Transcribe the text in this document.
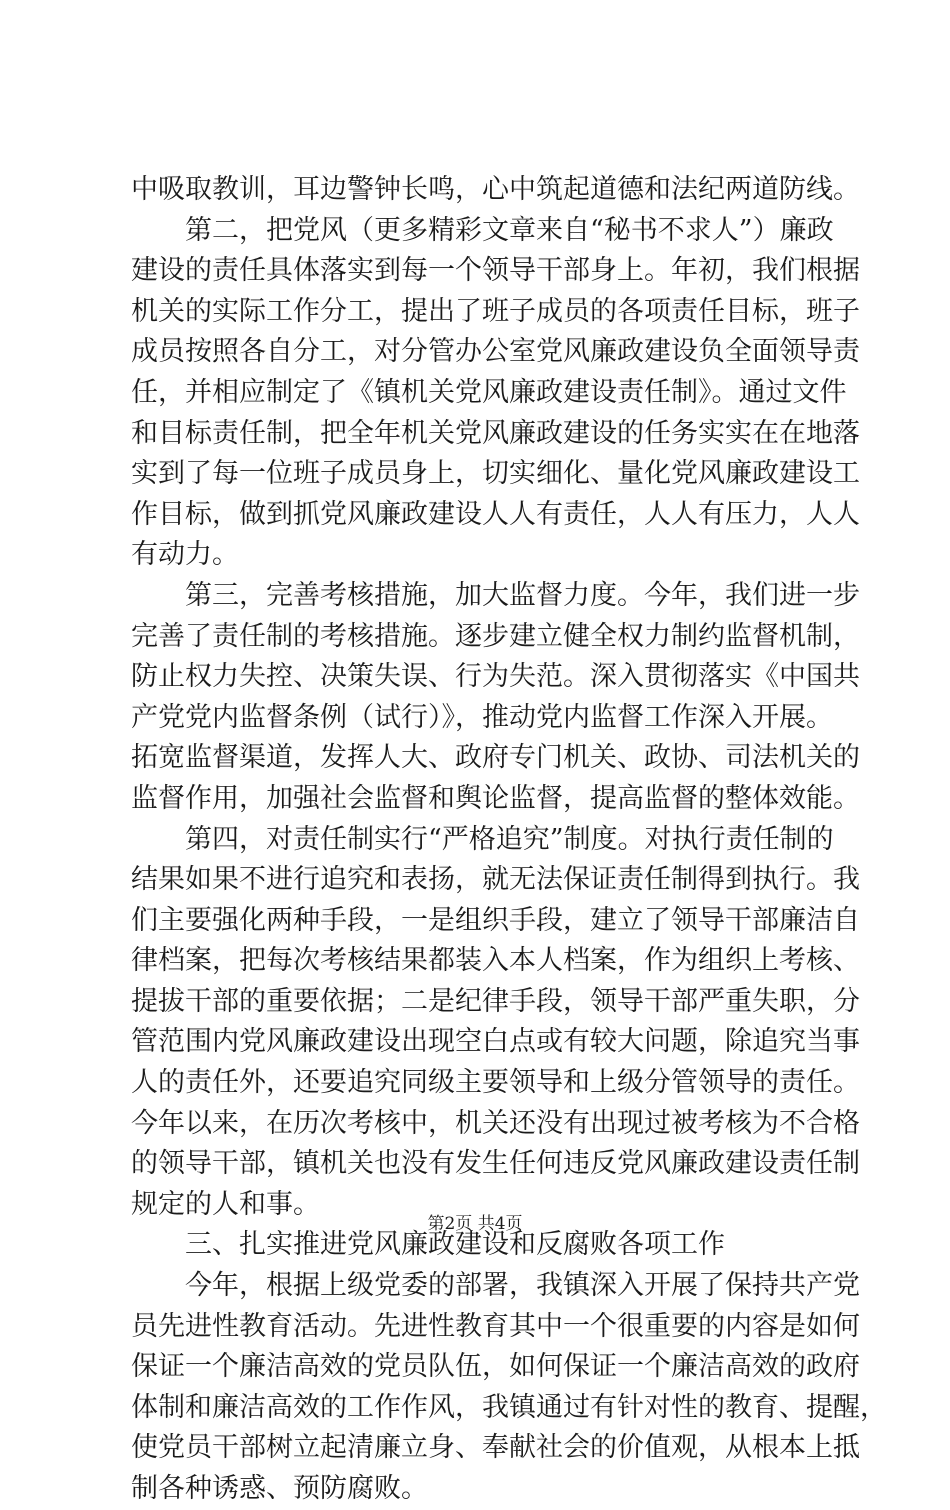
中吸取教训，耳边警钟长鸣，心中筑起道德和法纪两道防线。
第二，把党风（更多精彩文章来自“秘书不求人”）廉政
建设的责任具体落实到每一个领导干部身上。年初，我们根据
机关的实际工作分工，提出了班子成员的各项责任目标，班子
成员按照各自分工，对分管办公室党风廉政建设负全面领导责
任，并相应制定了《镇机关党风廉政建设责任制》。通过文件
和目标责任制，把全年机关党风廉政建设的任务实实在在地落
实到了每一位班子成员身上，切实细化、量化党风廉政建设工
作目标，做到抓党风廉政建设人人有责任，人人有压力，人人
有动力。
第三，完善考核措施，加大监督力度。今年，我们进一步
完善了责任制的考核措施。逐步建立健全权力制约监督机制，
防止权力失控、决策失误、行为失范。深入贯彻落实《中国共
产党党内监督条例（试行）》，推动党内监督工作深入开展。
拓宽监督渠道，发挥人大、政府专门机关、政协、司法机关的
监督作用，加强社会监督和舆论监督，提高监督的整体效能。
第四，对责任制实行“严格追究”制度。对执行责任制的
结果如果不进行追究和表扬，就无法保证责任制得到执行。我
们主要强化两种手段，一是组织手段，建立了领导干部廉洁自
律档案，把每次考核结果都装入本人档案，作为组织上考核、
提拔干部的重要依据；二是纪律手段，领导干部严重失职，分
管范围内党风廉政建设出现空白点或有较大问题，除追究当事
人的责任外，还要追究同级主要领导和上级分管领导的责任。
今年以来，在历次考核中，机关还没有出现过被考核为不合格
的领导干部，镇机关也没有发生任何违反党风廉政建设责任制
规定的人和事。
三、扎实推进党风廉政建设和反腐败各项工作
今年，根据上级党委的部署，我镇深入开展了保持共产党
员先进性教育活动。先进性教育其中一个很重要的内容是如何
保证一个廉洁高效的党员队伍，如何保证一个廉洁高效的政府
体制和廉洁高效的工作作风，我镇通过有针对性的教育、提醒，
使党员干部树立起清廉立身、奉献社会的价值观，从根本上抵
制各种诱惑、预防腐败。
第2页 共4页
